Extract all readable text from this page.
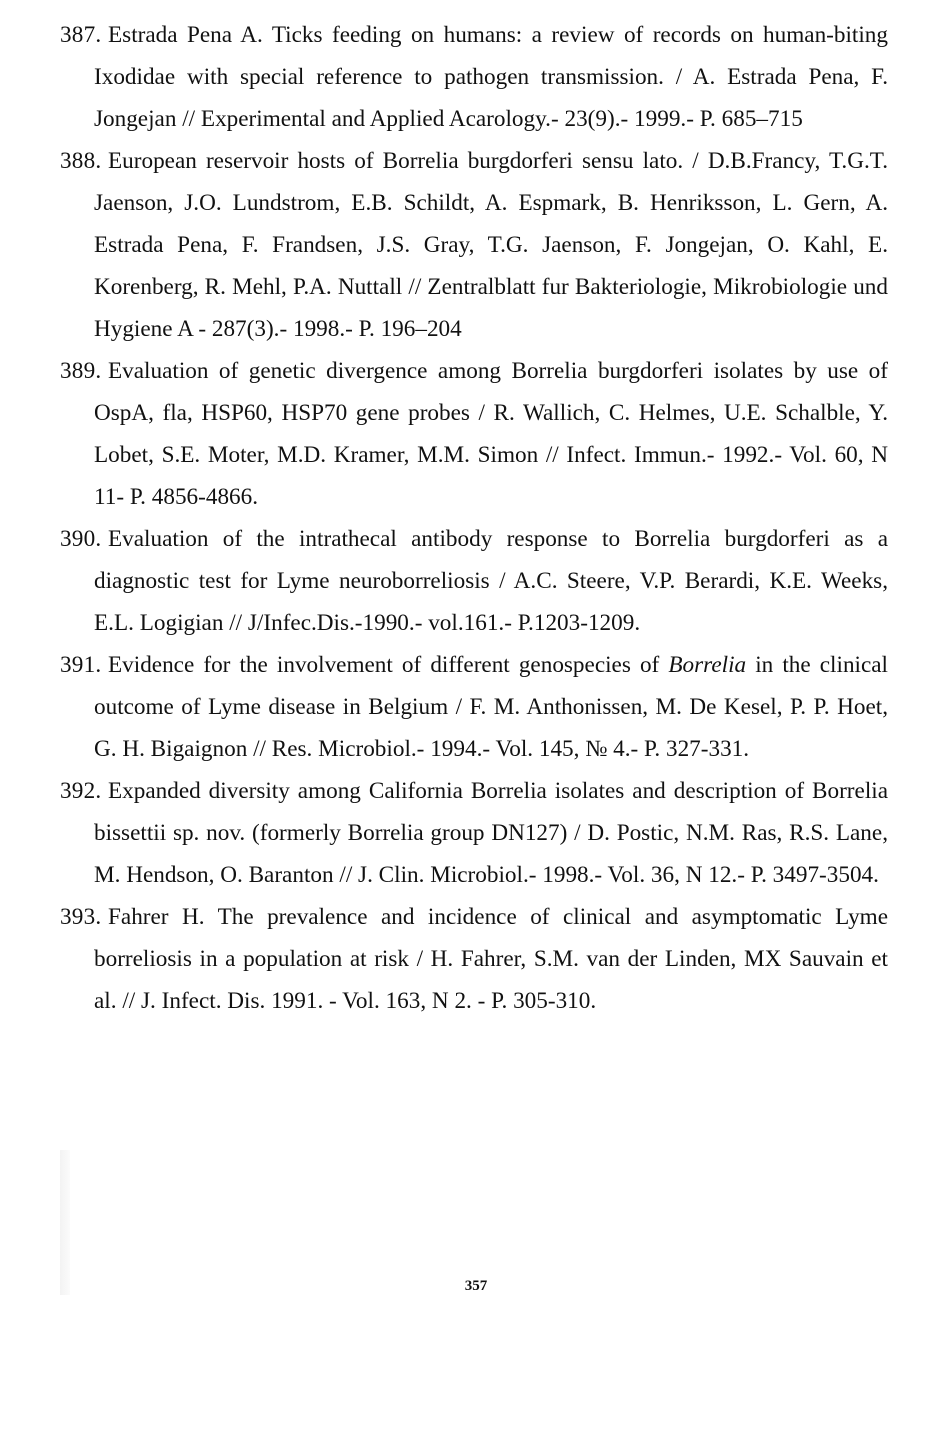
387. Estrada Pena A. Ticks feeding on humans: a review of records on human-biting Ixodidae with special reference to pathogen transmission. / A. Estrada Pena, F. Jongejan // Experimental and Applied Acarology.- 23(9).- 1999.- P. 685–715
388. European reservoir hosts of Borrelia burgdorferi sensu lato. / D.B.Francy, T.G.T. Jaenson, J.O. Lundstrom, E.B. Schildt, A. Espmark, B. Henriksson, L. Gern, A. Estrada Pena, F. Frandsen, J.S. Gray, T.G. Jaenson, F. Jongejan, O. Kahl, E. Korenberg, R. Mehl, P.A. Nuttall // Zentralblatt fur Bakteriologie, Mikrobiologie und Hygiene A - 287(3).- 1998.- P. 196–204
389. Evaluation of genetic divergence among Borrelia burgdorferi isolates by use of OspA, fla, HSP60, HSP70 gene probes / R. Wallich, C. Helmes, U.E. Schalble, Y. Lobet, S.E. Moter, M.D. Kramer, M.M. Simon // Infect. Immun.- 1992.- Vol. 60, N 11- P. 4856-4866.
390. Evaluation of the intrathecal antibody response to Borrelia burgdorferi as a diagnostic test for Lyme neuroborreliosis / A.C. Steere, V.P. Berardi, K.E. Weeks, E.L. Logigian // J/Infec.Dis.-1990.- vol.161.- P.1203-1209.
391. Evidence for the involvement of different genospecies of Borrelia in the clinical outcome of Lyme disease in Belgium / F. M. Anthonissen, M. De Kesel, P. P. Hoet, G. H. Bigaignon // Res. Microbiol.- 1994.- Vol. 145, № 4.- P. 327-331.
392. Expanded diversity among California Borrelia isolates and description of Borrelia bissettii sp. nov. (formerly Borrelia group DN127) / D. Postic, N.M. Ras, R.S. Lane, M. Hendson, O. Baranton // J. Clin. Microbiol.- 1998.- Vol. 36, N 12.- P. 3497-3504.
393. Fahrer H. The prevalence and incidence of clinical and asymptomatic Lyme borreliosis in a population at risk / H. Fahrer, S.M. van der Linden, MX Sauvain et al. // J. Infect. Dis. 1991. - Vol. 163, N 2. - P. 305-310.
357
